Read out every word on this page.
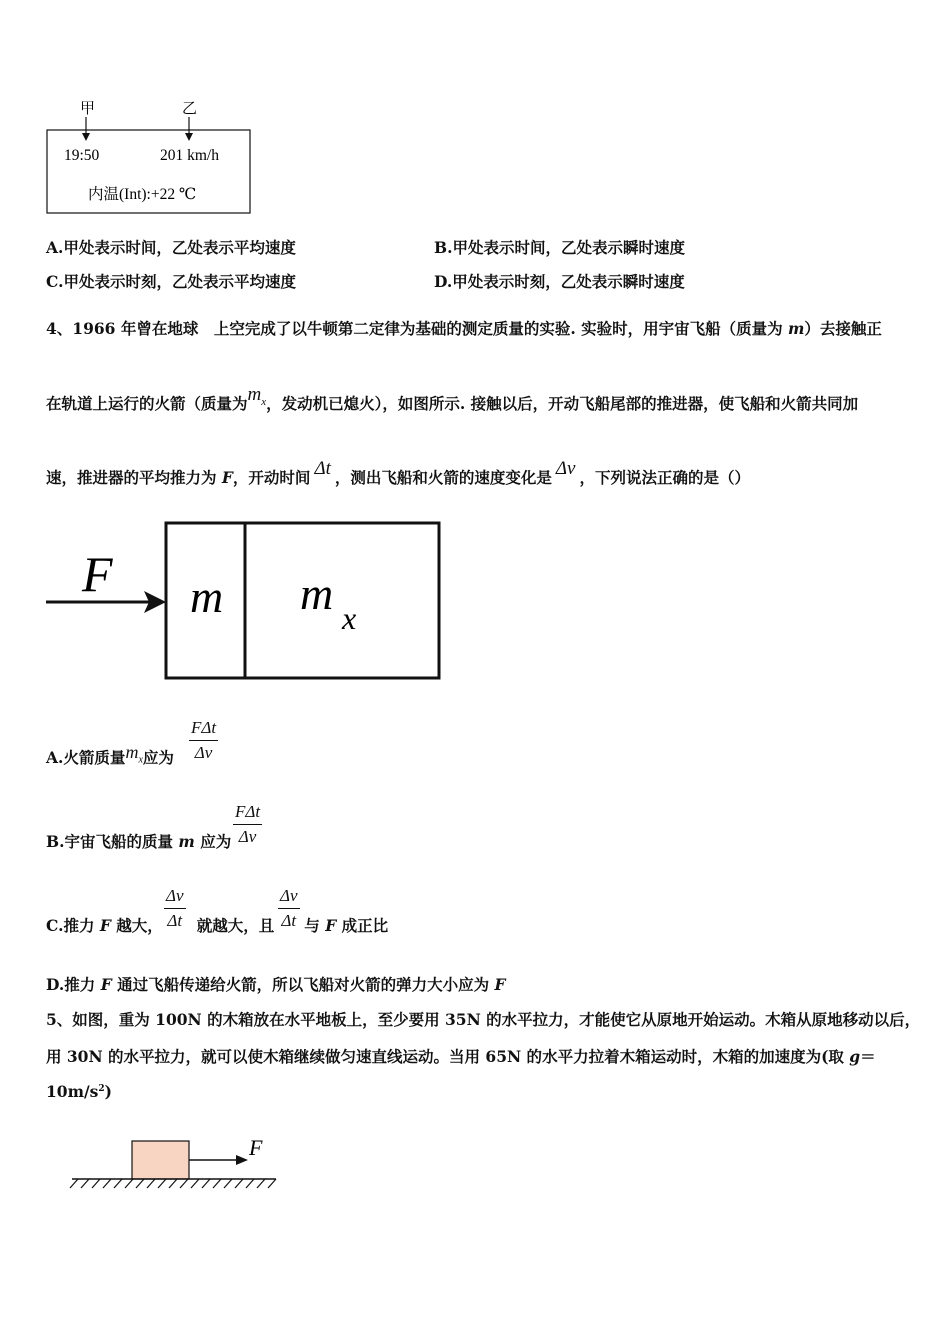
甲	乙
19:50	201 km/h
内温(Int):+22 ℃
A.甲处表示时间，乙处表示平均速度	B.甲处表示时间，乙处表示瞬时速度
C.甲处表示时刻，乙处表示平均速度	D.甲处表示时刻，乙处表示瞬时速度
4、1966 年曾在地球　上空完成了以牛顿第二定律为基础的测定质量的实验. 实验时，用宇宙飞船（质量为 m）去接触正
在轨道上运行的火箭（质量为$m_x$，发动机已熄火），如图所示. 接触以后，开动飞船尾部的推进器，使飞船和火箭共同加
速，推进器的平均推力为 F，开动时间 Δt ，测出飞船和火箭的速度变化是 Δv ，下列说法正确的是（）
F m m x
A.火箭质量$m_x$应为
FΔt
Δv
B.宇宙飞船的质量 m 应为
FΔt
Δv
C.推力 F 越大， 就越大，且 与 F 成正比
Δv
Δt
Δv
Δt
D.推力 F 通过飞船传递给火箭，所以飞船对火箭的弹力大小应为 F
5、如图，重为 100N 的木箱放在水平地板上，至少要用 35N 的水平拉力，才能使它从原地开始运动。木箱从原地移动以后，
用 30N 的水平拉力，就可以使木箱继续做匀速直线运动。当用 65N 的水平力拉着木箱运动时，木箱的加速度为(取 g＝
$10m/s^2$)
F
